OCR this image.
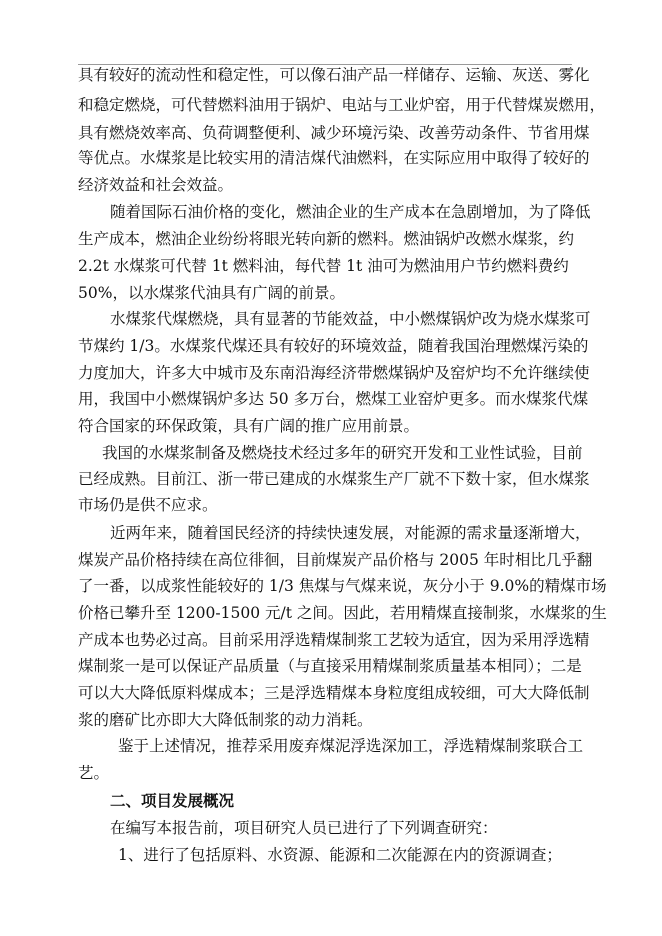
具有较好的流动性和稳定性，可以像石油产品一样储存、运输、灰送、雾化
和稳定燃烧，可代替燃料油用于锅炉、电站与工业炉窑，用于代替煤炭燃用，
具有燃烧效率高、负荷调整便利、减少环境污染、改善劳动条件、节省用煤
等优点。水煤浆是比较实用的清洁煤代油燃料，在实际应用中取得了较好的
经济效益和社会效益。
随着国际石油价格的变化，燃油企业的生产成本在急剧增加，为了降低
生产成本，燃油企业纷纷将眼光转向新的燃料。燃油锅炉改燃水煤浆，约
2.2t 水煤浆可代替 1t 燃料油，每代替 1t 油可为燃油用户节约燃料费约
50%，以水煤浆代油具有广阔的前景。
水煤浆代煤燃烧，具有显著的节能效益，中小燃煤锅炉改为烧水煤浆可
节煤约 1/3。水煤浆代煤还具有较好的环境效益，随着我国治理燃煤污染的
力度加大，许多大中城市及东南沿海经济带燃煤锅炉及窑炉均不允许继续使
用，我国中小燃煤锅炉多达 50 多万台，燃煤工业窑炉更多。而水煤浆代煤
符合国家的环保政策，具有广阔的推广应用前景。
我国的水煤浆制备及燃烧技术经过多年的研究开发和工业性试验，目前
已经成熟。目前江、浙一带已建成的水煤浆生产厂就不下数十家，但水煤浆
市场仍是供不应求。
近两年来，随着国民经济的持续快速发展，对能源的需求量逐渐增大，
煤炭产品价格持续在高位徘徊，目前煤炭产品价格与 2005 年时相比几乎翻
了一番，以成浆性能较好的 1/3 焦煤与气煤来说，灰分小于 9.0%的精煤市场
价格已攀升至 1200-1500 元/t 之间。因此，若用精煤直接制浆，水煤浆的生
产成本也势必过高。目前采用浮选精煤制浆工艺较为适宜，因为采用浮选精
煤制浆一是可以保证产品质量（与直接采用精煤制浆质量基本相同）；二是
可以大大降低原料煤成本；三是浮选精煤本身粒度组成较细，可大大降低制
浆的磨矿比亦即大大降低制浆的动力消耗。
鉴于上述情况，推荐采用废弃煤泥浮选深加工，浮选精煤制浆联合工
艺。
二、项目发展概况
在编写本报告前，项目研究人员已进行了下列调查研究：
1、进行了包括原料、水资源、能源和二次能源在内的资源调查；
